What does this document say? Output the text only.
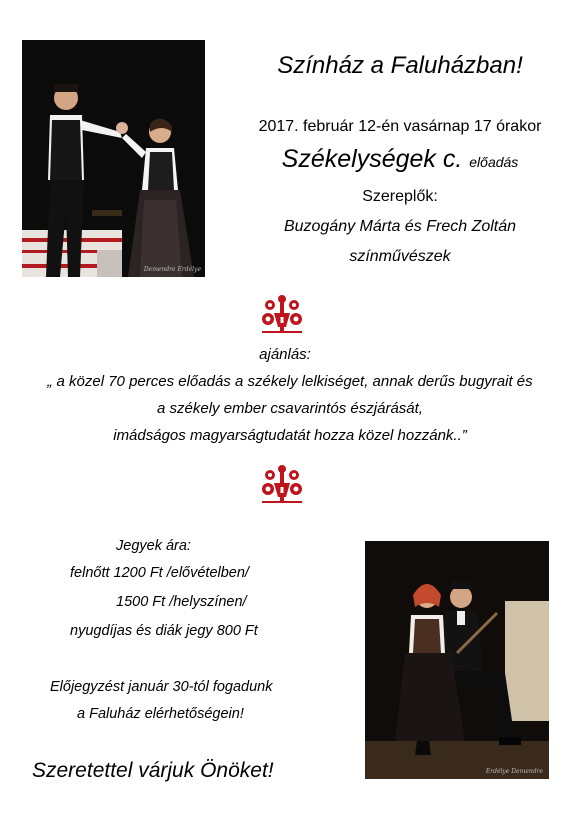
Demendre Erdélye
Színház a Faluházban!
2017. február 12-én vasárnap 17 órakor
Székelységek c. előadás
Szereplők:
Buzogány Márta és Frech Zoltán
színművészek
ajánlás:
„ a közel 70 perces előadás a székely lelkiséget, annak derűs bugyrait és
a székely ember csavarintós észjárását,
imádságos magyarságtudatát hozza közel hozzánk..”
Jegyek ára:
felnőtt 1200 Ft /elővételben/
1500 Ft /helyszínen/
nyugdíjas és diák jegy 800 Ft
Előjegyzést január 30-tól fogadunk
a Faluház elérhetőségein!
Szeretettel várjuk Önöket!	Erdélye Demendre
